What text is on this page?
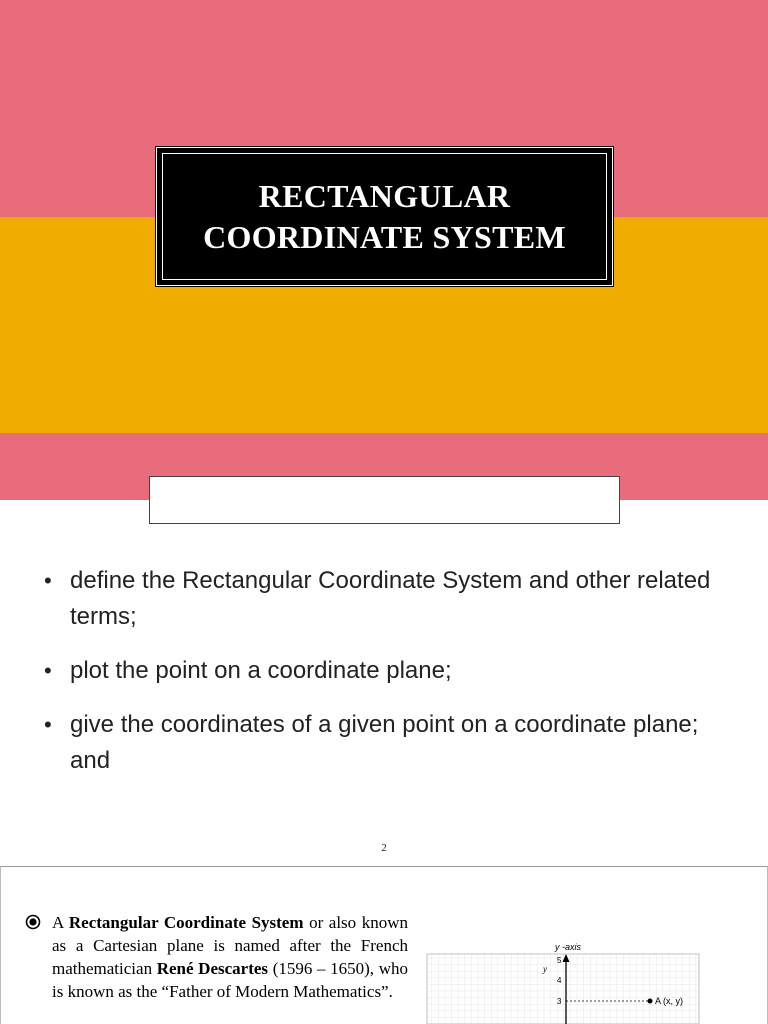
RECTANGULAR
COORDINATE SYSTEM
• define the Rectangular Coordinate System and other related terms;
• plot the point on a coordinate plane;
• give the coordinates of a given point on a coordinate plane; and
2
A Rectangular Coordinate System or also known as a Cartesian plane is named after the French mathematician René Descartes (1596 – 1650), who is known as the “Father of Modern Mathematics”.
y -axis
y
5
4
3	A (x, y)
